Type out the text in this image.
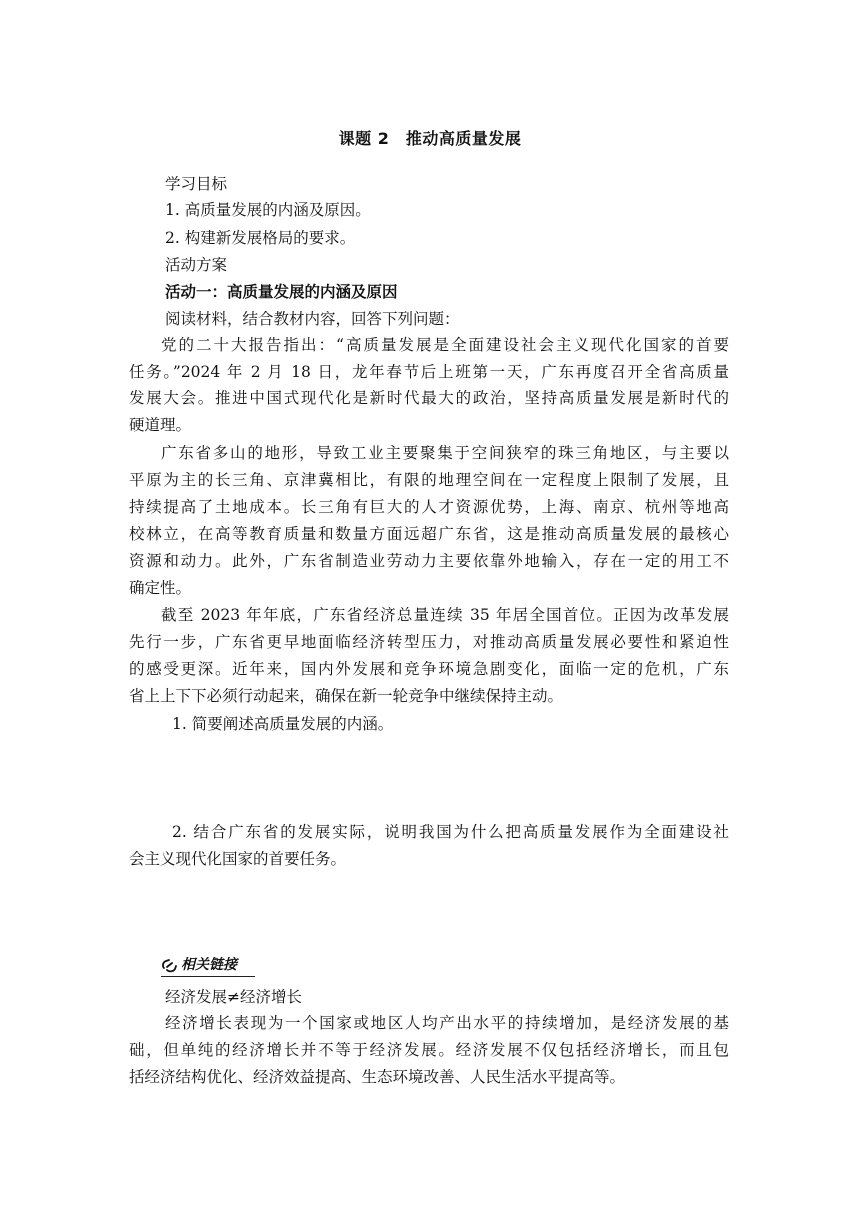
课题 2　推动高质量发展
学习目标
1. 高质量发展的内涵及原因。
2. 构建新发展格局的要求。
活动方案
活动一：高质量发展的内涵及原因
阅读材料，结合教材内容，回答下列问题：
党的二十大报告指出：“高质量发展是全面建设社会主义现代化国家的首要
任务。”2024 年 2 月 18 日，龙年春节后上班第一天，广东再度召开全省高质量
发展大会。推进中国式现代化是新时代最大的政治，坚持高质量发展是新时代的
硬道理。
广东省多山的地形，导致工业主要聚集于空间狭窄的珠三角地区，与主要以
平原为主的长三角、京津冀相比，有限的地理空间在一定程度上限制了发展，且
持续提高了土地成本。长三角有巨大的人才资源优势，上海、南京、杭州等地高
校林立，在高等教育质量和数量方面远超广东省，这是推动高质量发展的最核心
资源和动力。此外，广东省制造业劳动力主要依靠外地输入，存在一定的用工不
确定性。
截至 2023 年年底，广东省经济总量连续 35 年居全国首位。正因为改革发展
先行一步，广东省更早地面临经济转型压力，对推动高质量发展必要性和紧迫性
的感受更深。近年来，国内外发展和竞争环境急剧变化，面临一定的危机，广东
省上上下下必须行动起来，确保在新一轮竞争中继续保持主动。
1. 简要阐述高质量发展的内涵。
2. 结合广东省的发展实际，说明我国为什么把高质量发展作为全面建设社
会主义现代化国家的首要任务。
相关链接
经济发展≠经济增长
经济增长表现为一个国家或地区人均产出水平的持续增加，是经济发展的基
础，但单纯的经济增长并不等于经济发展。经济发展不仅包括经济增长，而且包
括经济结构优化、经济效益提高、生态环境改善、人民生活水平提高等。
